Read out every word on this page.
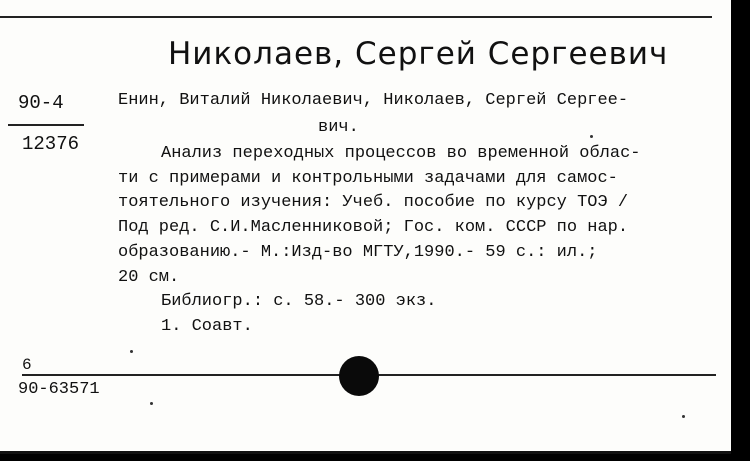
Николаев, Сергей Сергеевич

90-4
12376
Енин, Виталий Николаевич, Николаев, Сергей Сергее-
вич.

Анализ переходных процессов во временной облас-

ти с примерами и контрольными задачами для самос-

тоятельного изучения: Учеб. пособие по курсу ТОЭ /

Под ред. С.И.Масленниковой; Гос. ком. СССР по нар.

образованию.- М.:Изд-во МГТУ,1990.- 59 с.: ил.;

20 см.

Библиогр.: с. 58.- 300 экз.

1. Соавт.

6
90-63571
